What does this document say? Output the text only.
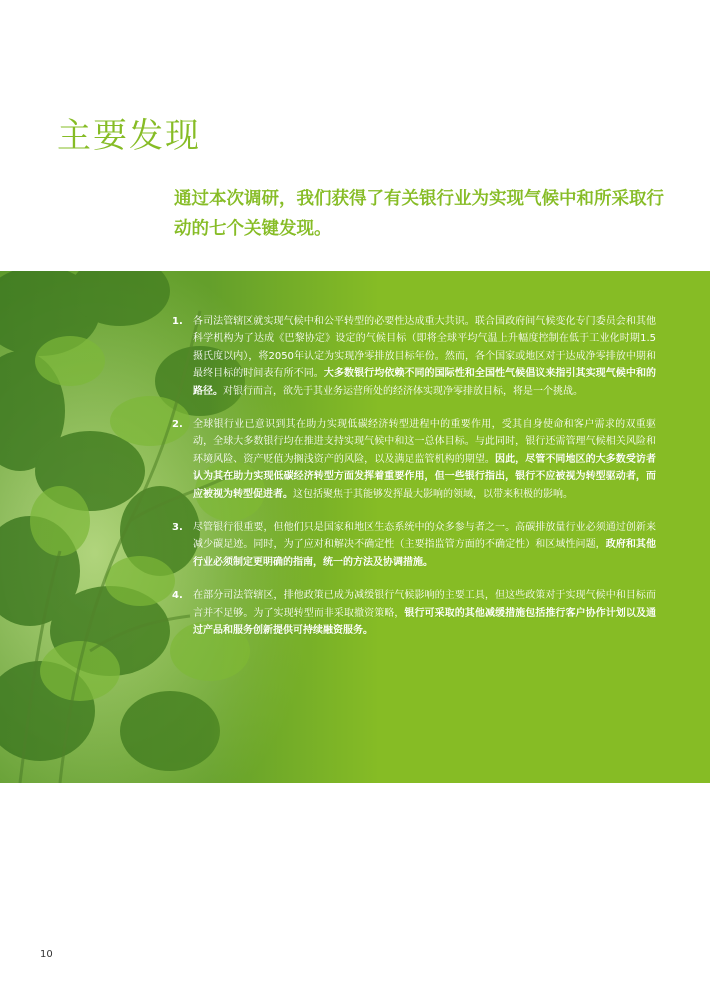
主要发现

通过本次调研，我们获得了有关银行业为实现气候中和所采取行动的七个关键发现。

1. 各司法管辖区就实现气候中和公平转型的必要性达成重大共识。联合国政府间气候变化专门委员会和其他科学机构为了达成《巴黎协定》设定的气候目标（即将全球平均气温上升幅度控制在低于工业化时期1.5摄氏度以内），将2050年认定为实现净零排放目标年份。然而，各个国家或地区对于达成净零排放中期和最终目标的时间表有所不同。大多数银行均依赖不同的国际性和全国性气候倡议来指引其实现气候中和的路径。对银行而言，欲先于其业务运营所处的经济体实现净零排放目标，将是一个挑战。
2. 全球银行业已意识到其在助力实现低碳经济转型进程中的重要作用，受其自身使命和客户需求的双重驱动，全球大多数银行均在推进支持实现气候中和这一总体目标。与此同时，银行还需管理气候相关风险和环境风险、资产贬值为搁浅资产的风险，以及满足监管机构的期望。因此，尽管不同地区的大多数受访者认为其在助力实现低碳经济转型方面发挥着重要作用，但一些银行指出，银行不应被视为转型驱动者，而应被视为转型促进者。这包括聚焦于其能够发挥最大影响的领域，以带来积极的影响。
3. 尽管银行很重要，但他们只是国家和地区生态系统中的众多参与者之一。高碳排放量行业必须通过创新来减少碳足迹。同时，为了应对和解决不确定性（主要指监管方面的不确定性）和区域性问题，政府和其他行业必须制定更明确的指南，统一的方法及协调措施。
4. 在部分司法管辖区，排他政策已成为减缓银行气候影响的主要工具，但这些政策对于实现气候中和目标而言并不足够。为了实现转型而非采取撤资策略，银行可采取的其他减缓措施包括推行客户协作计划以及通过产品和服务创新提供可持续融资服务。
10
